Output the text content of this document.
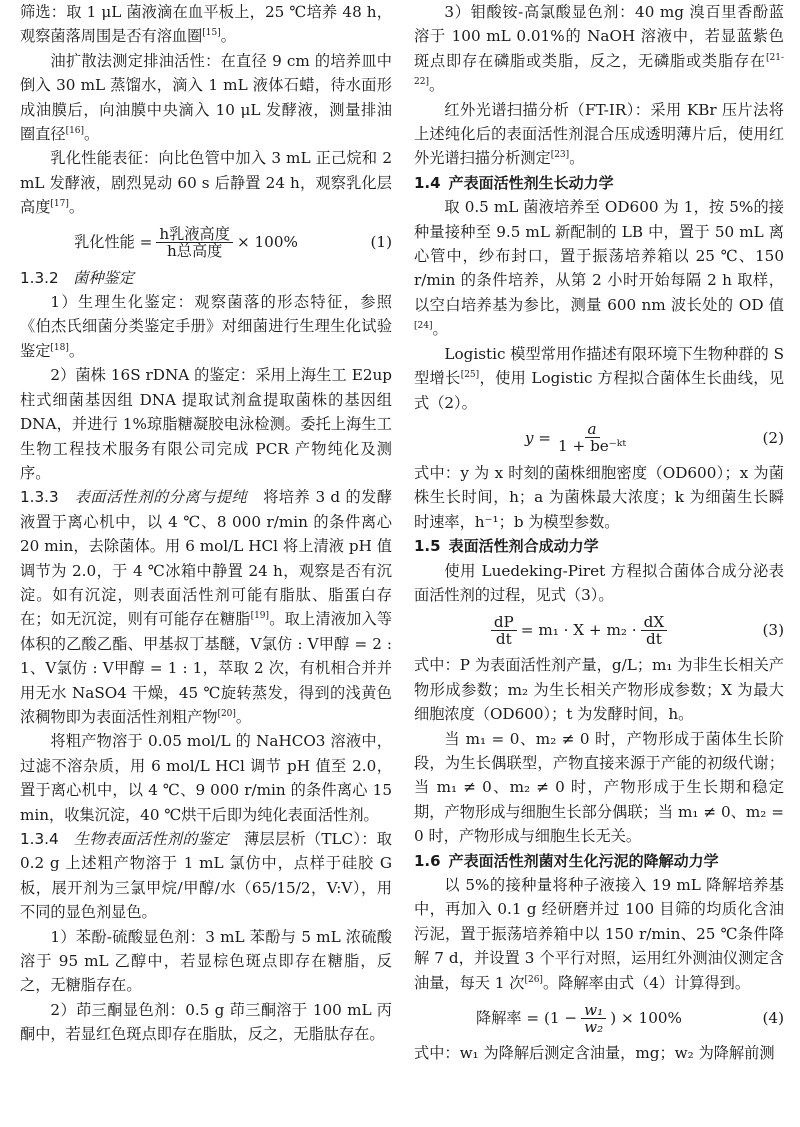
筛选：取 1 μL 菌液滴在血平板上，25 ℃培养 48 h，观察菌落周围是否有溶血圈[15]。

油扩散法测定排油活性：在直径 9 cm 的培养皿中倒入 30 mL 蒸馏水，滴入 1 mL 液体石蜡，待水面形成油膜后，向油膜中央滴入 10 μL 发酵液，测量排油圈直径[16]。

乳化性能表征：向比色管中加入 3 mL 正己烷和 2 mL 发酵液，剧烈晃动 60 s 后静置 24 h，观察乳化层高度[17]。

乳化性能 = $\frac{\text{h乳液高度}}{\text{h总高度}} \times 100\%$	(1)

1.3.2 菌种鉴定

1）生理生化鉴定：观察菌落的形态特征，参照《伯杰氏细菌分类鉴定手册》对细菌进行生理生化试验鉴定[18]。

2）菌株 16S rDNA 的鉴定：采用上海生工 E2up 柱式细菌基因组 DNA 提取试剂盒提取菌株的基因组 DNA，并进行 1%琼脂糖凝胶电泳检测。委托上海生工生物工程技术服务有限公司完成 PCR 产物纯化及测序。

1.3.3 表面活性剂的分离与提纯 将培养 3 d 的发酵液置于离心机中，以 4 ℃、8 000 r/min 的条件离心 20 min，去除菌体。用 6 mol/L HCl 将上清液 pH 值调节为 2.0，于 4 ℃冰箱中静置 24 h，观察是否有沉淀。如有沉淀，则表面活性剂可能有脂肽、脂蛋白存在；如无沉淀，则有可能存在糖脂[19]。取上清液加入等体积的乙酸乙酯、甲基叔丁基醚，V氯仿 : V甲醇 = 2 : 1、V氯仿 : V甲醇 = 1 : 1，萃取 2 次，有机相合并并用无水 NaSO4 干燥，45 ℃旋转蒸发，得到的浅黄色浓稠物即为表面活性剂粗产物[20]。

将粗产物溶于 0.05 mol/L 的 NaHCO3 溶液中，过滤不溶杂质，用 6 mol/L HCl 调节 pH 值至 2.0，置于离心机中，以 4 ℃、9 000 r/min 的条件离心 15 min，收集沉淀，40 ℃烘干后即为纯化表面活性剂。

1.3.4 生物表面活性剂的鉴定 薄层层析（TLC）：取 0.2 g 上述粗产物溶于 1 mL 氯仿中，点样于硅胶 G 板，展开剂为三氯甲烷/甲醇/水（65/15/2，V:V），用不同的显色剂显色。

1）苯酚-硫酸显色剂：3 mL 苯酚与 5 mL 浓硫酸溶于 95 mL 乙醇中，若显棕色斑点即存在糖脂，反之，无糖脂存在。

2）茚三酮显色剂：0.5 g 茚三酮溶于 100 mL 丙酮中，若显红色斑点即存在脂肽，反之，无脂肽存在。

3）钼酸铵-高氯酸显色剂：40 mg 溴百里香酚蓝溶于 100 mL 0.01%的 NaOH 溶液中，若显蓝紫色斑点即存在磷脂或类脂，反之，无磷脂或类脂存在[21-22]。

红外光谱扫描分析（FT-IR）：采用 KBr 压片法将上述纯化后的表面活性剂混合压成透明薄片后，使用红外光谱扫描分析测定[23]。

1.4 产表面活性剂生长动力学

取 0.5 mL 菌液培养至 OD600 为 1，按 5%的接种量接种至 9.5 mL 新配制的 LB 中，置于 50 mL 离心管中，纱布封口，置于振荡培养箱以 25 ℃、150 r/min 的条件培养，从第 2 小时开始每隔 2 h 取样，以空白培养基为参比，测量 600 nm 波长处的 OD 值[24]。

Logistic 模型常用作描述有限环境下生物种群的 S 型增长[25]，使用 Logistic 方程拟合菌体生长曲线，见式（2）。

$y = \frac{a}{\text{1 + be⁻ᵏᵗ}}$	(2)

式中：y 为 x 时刻的菌株细胞密度（OD600）；x 为菌株生长时间，h；a 为菌株最大浓度；k 为细菌生长瞬时速率，h⁻¹；b 为模型参数。

1.5 表面活性剂合成动力学

使用 Luedeking-Piret 方程拟合菌体合成分泌表面活性剂的过程，见式（3）。

$\frac{dP}{dt} = m_1 \cdot X + m_2 \cdot \frac{dX}{dt}$	(3)

式中：P 为表面活性剂产量，g/L；m₁ 为非生长相关产物形成参数；m₂ 为生长相关产物形成参数；X 为最大细胞浓度（OD600）；t 为发酵时间，h。

当 m₁ = 0、m₂ ≠ 0 时，产物形成于菌体生长阶段，为生长偶联型，产物直接来源于产能的初级代谢；当 m₁ ≠ 0、m₂ ≠ 0 时，产物形成于生长期和稳定期，产物形成与细胞生长部分偶联；当 m₁ ≠ 0、m₂ = 0 时，产物形成与细胞生长无关。

1.6 产表面活性剂菌对生化污泥的降解动力学

以 5%的接种量将种子液接入 19 mL 降解培养基中，再加入 0.1 g 经研磨并过 100 目筛的均质化含油污泥，置于振荡培养箱中以 150 r/min、25 ℃条件降解 7 d，并设置 3 个平行对照，运用红外测油仪测定含油量，每天 1 次[26]。降解率由式（4）计算得到。

降解率 = ($1 - \frac{\text{w₁}}{\text{w₂}}$ ) × 100%	(4)

式中：w₁ 为降解后测定含油量，mg；w₂ 为降解前测
